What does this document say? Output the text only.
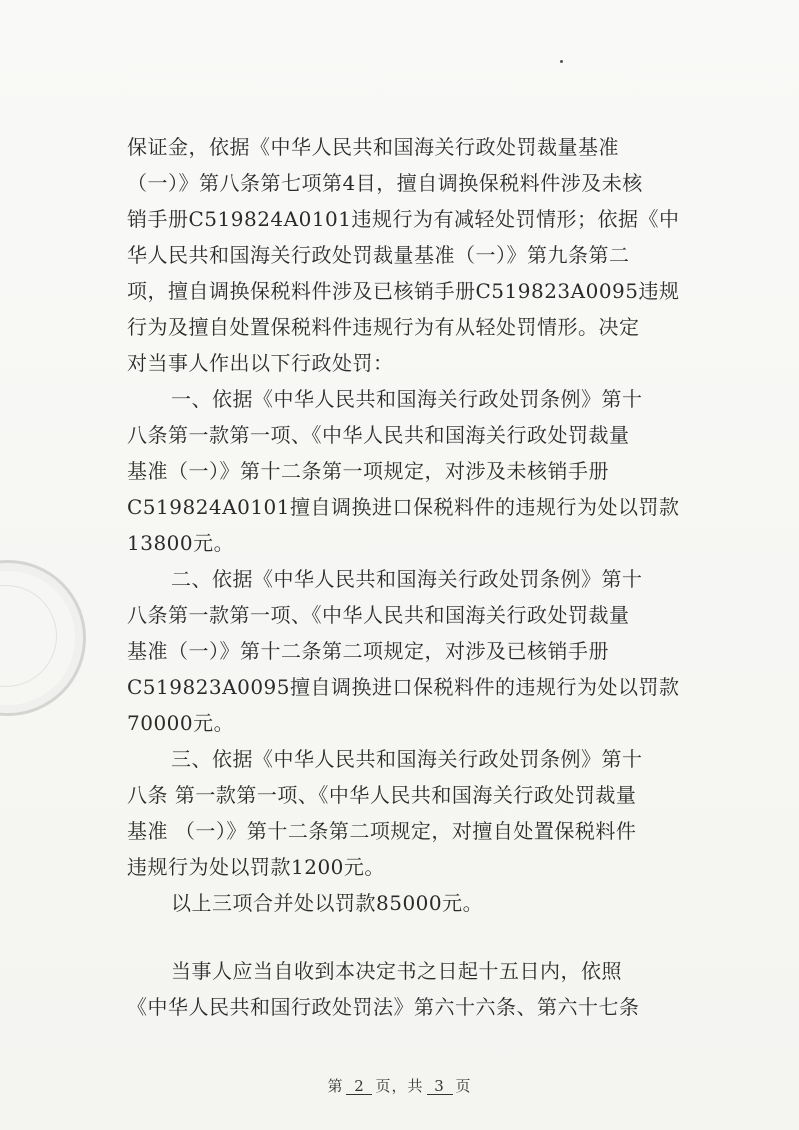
保证金，依据《中华人民共和国海关行政处罚裁量基准
（一）》第八条第七项第4目，擅自调换保税料件涉及未核
销手册C519824A0101违规行为有减轻处罚情形；依据《中
华人民共和国海关行政处罚裁量基准（一）》第九条第二
项，擅自调换保税料件涉及已核销手册C519823A0095违规
行为及擅自处置保税料件违规行为有从轻处罚情形。决定
对当事人作出以下行政处罚：
一、依据《中华人民共和国海关行政处罚条例》第十
八条第一款第一项、《中华人民共和国海关行政处罚裁量
基准（一）》第十二条第一项规定，对涉及未核销手册
C519824A0101擅自调换进口保税料件的违规行为处以罚款
13800元。
二、依据《中华人民共和国海关行政处罚条例》第十
八条第一款第一项、《中华人民共和国海关行政处罚裁量
基准（一）》第十二条第二项规定，对涉及已核销手册
C519823A0095擅自调换进口保税料件的违规行为处以罚款
70000元。
三、依据《中华人民共和国海关行政处罚条例》第十
八条 第一款第一项、《中华人民共和国海关行政处罚裁量
基准 （一）》第十二条第二项规定，对擅自处置保税料件
违规行为处以罚款1200元。
以上三项合并处以罚款85000元。
当事人应当自收到本决定书之日起十五日内，依照
《中华人民共和国行政处罚法》第六十六条、第六十七条
第 2 页，共 3 页
